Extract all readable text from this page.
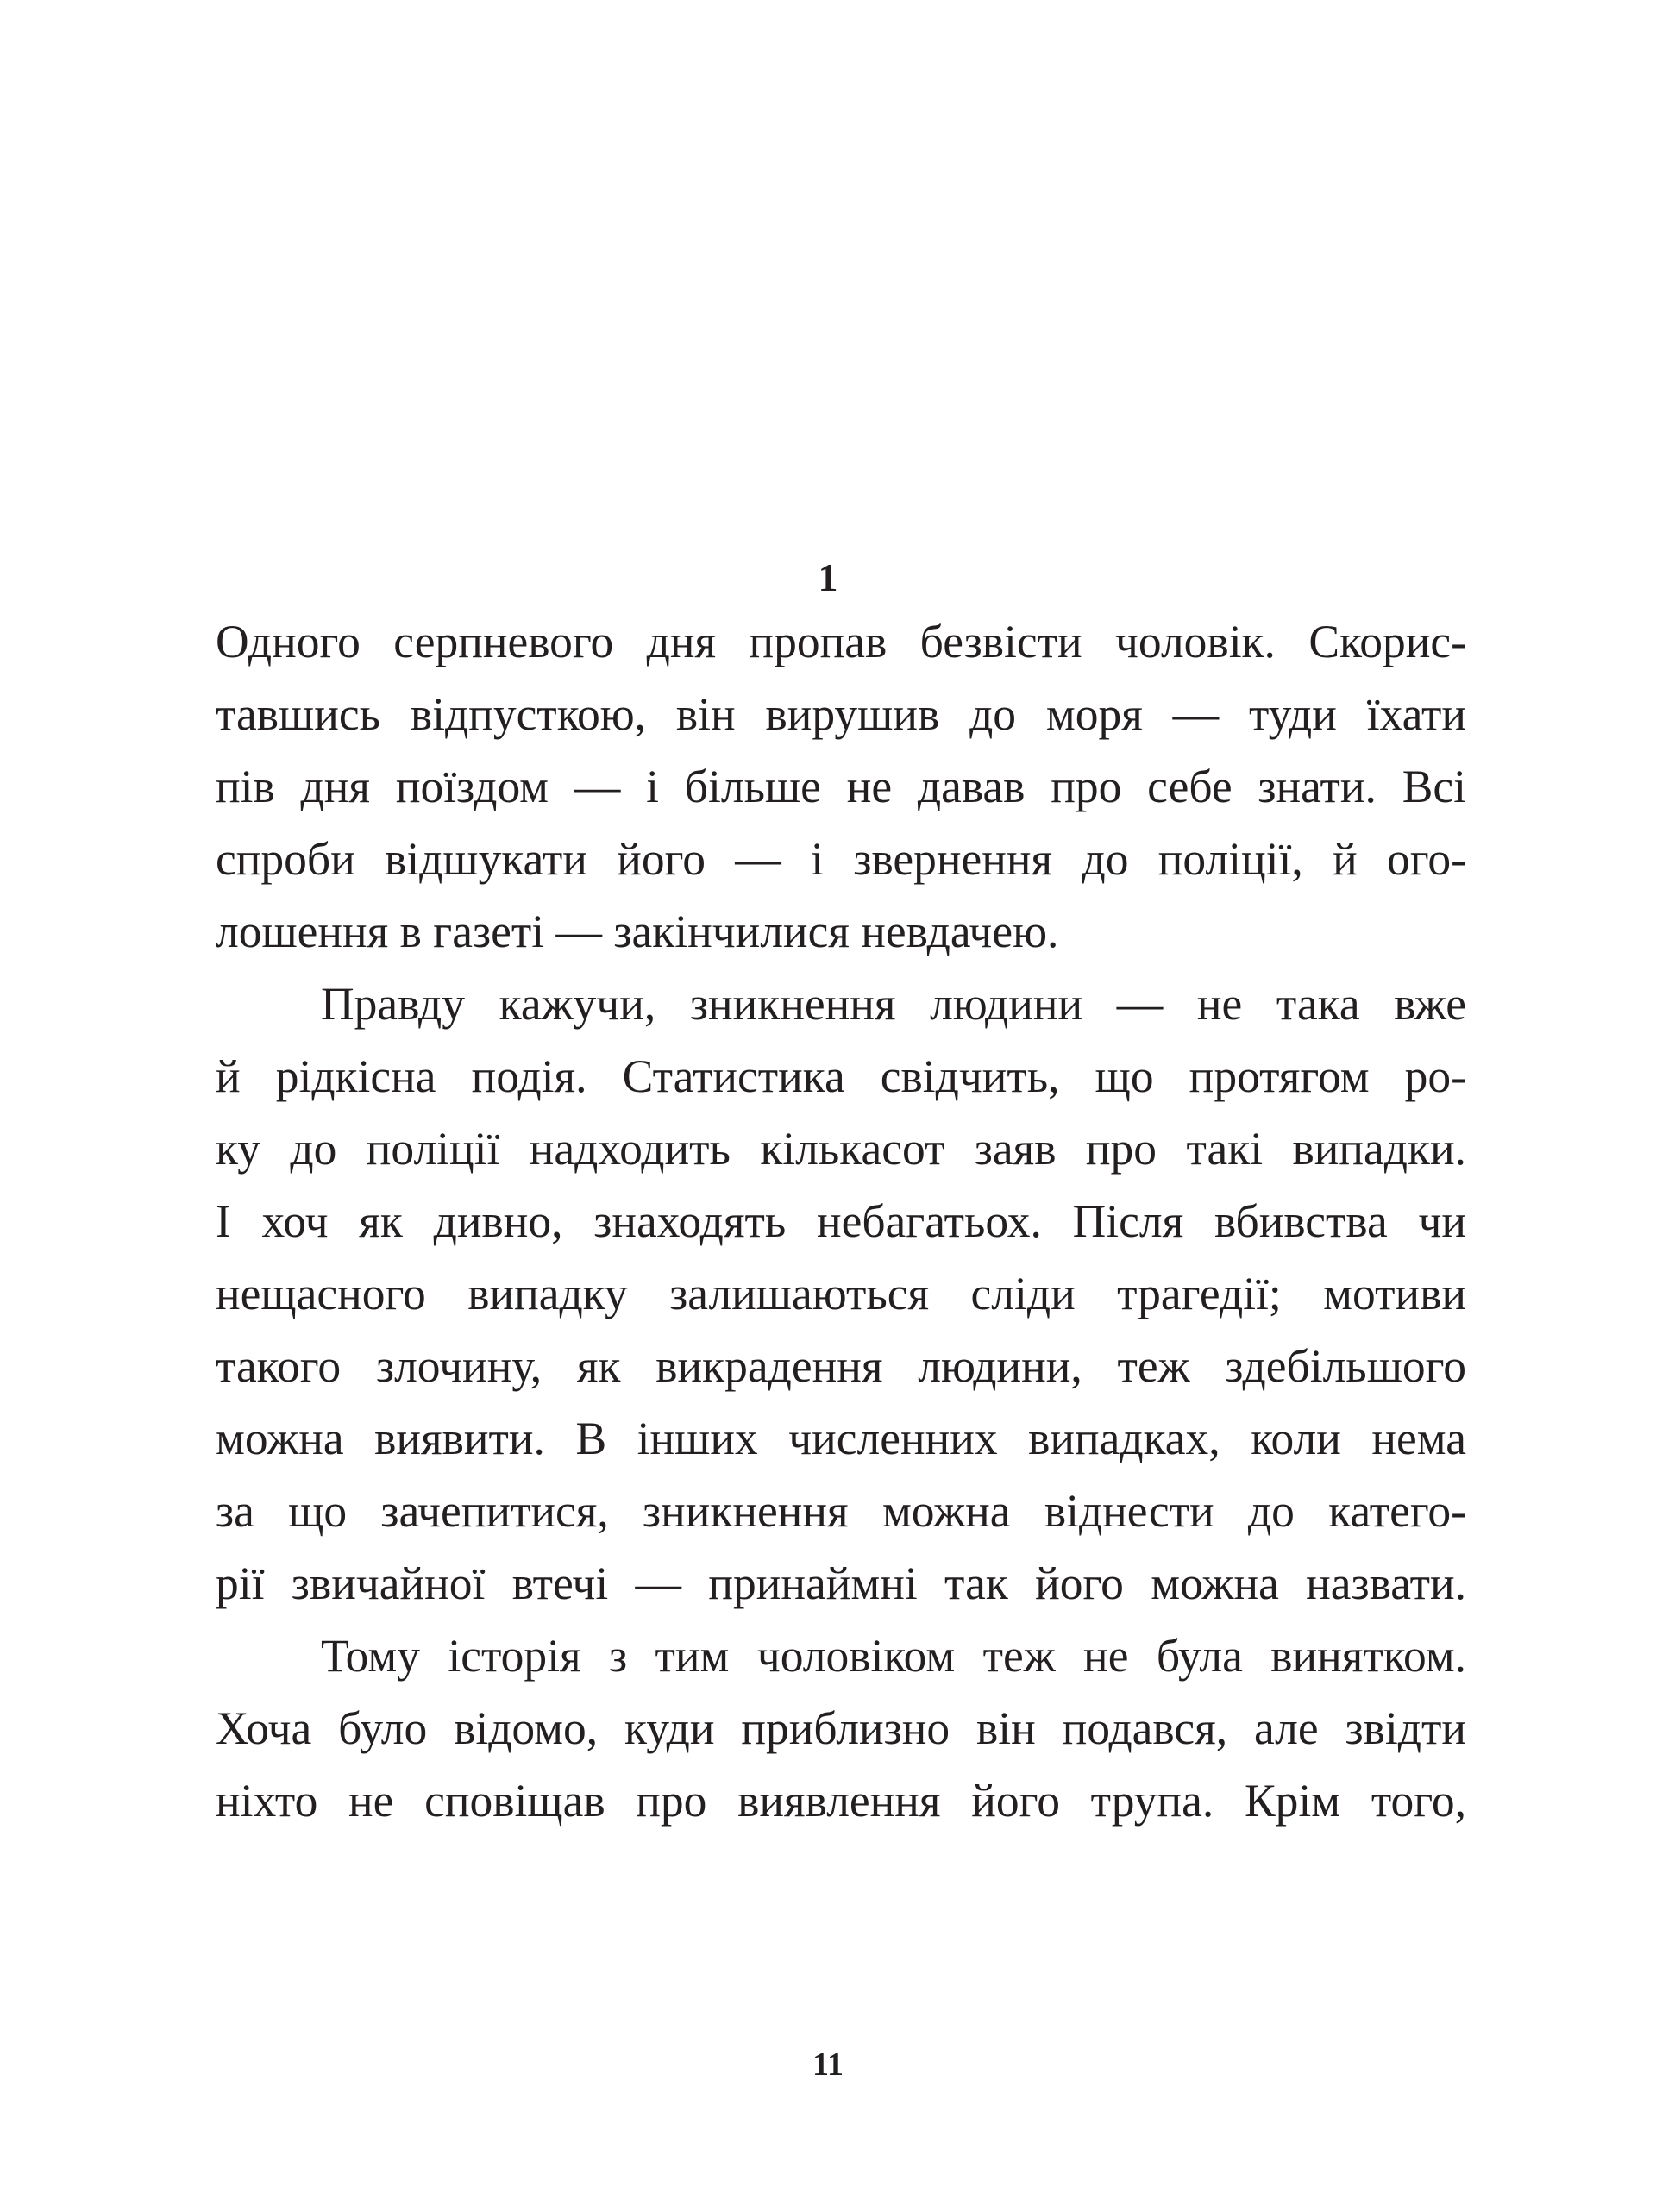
1
Одного серпневого дня пропав безвісти чоловік. Скорис-
тавшись відпусткою, він вирушив до моря — туди їхати
пів дня поїздом — і більше не давав про себе знати. Всі
спроби відшукати його — і звернення до поліції, й ого-
лошення в газеті — закінчилися невдачею.
Правду кажучи, зникнення людини — не така вже
й рідкісна подія. Статистика свідчить, що протягом ро-
ку до поліції надходить кількасот заяв про такі випадки.
І хоч як дивно, знаходять небагатьох. Після вбивства чи
нещасного випадку залишаються сліди трагедії; мотиви
такого злочину, як викрадення людини, теж здебільшого
можна виявити. В інших численних випадках, коли нема
за що зачепитися, зникнення можна віднести до катего-
рії звичайної втечі — принаймні так його можна назвати.
Тому історія з тим чоловіком теж не була винятком.
Хоча було відомо, куди приблизно він подався, але звідти
ніхто не сповіщав про виявлення його трупа. Крім того,
11
